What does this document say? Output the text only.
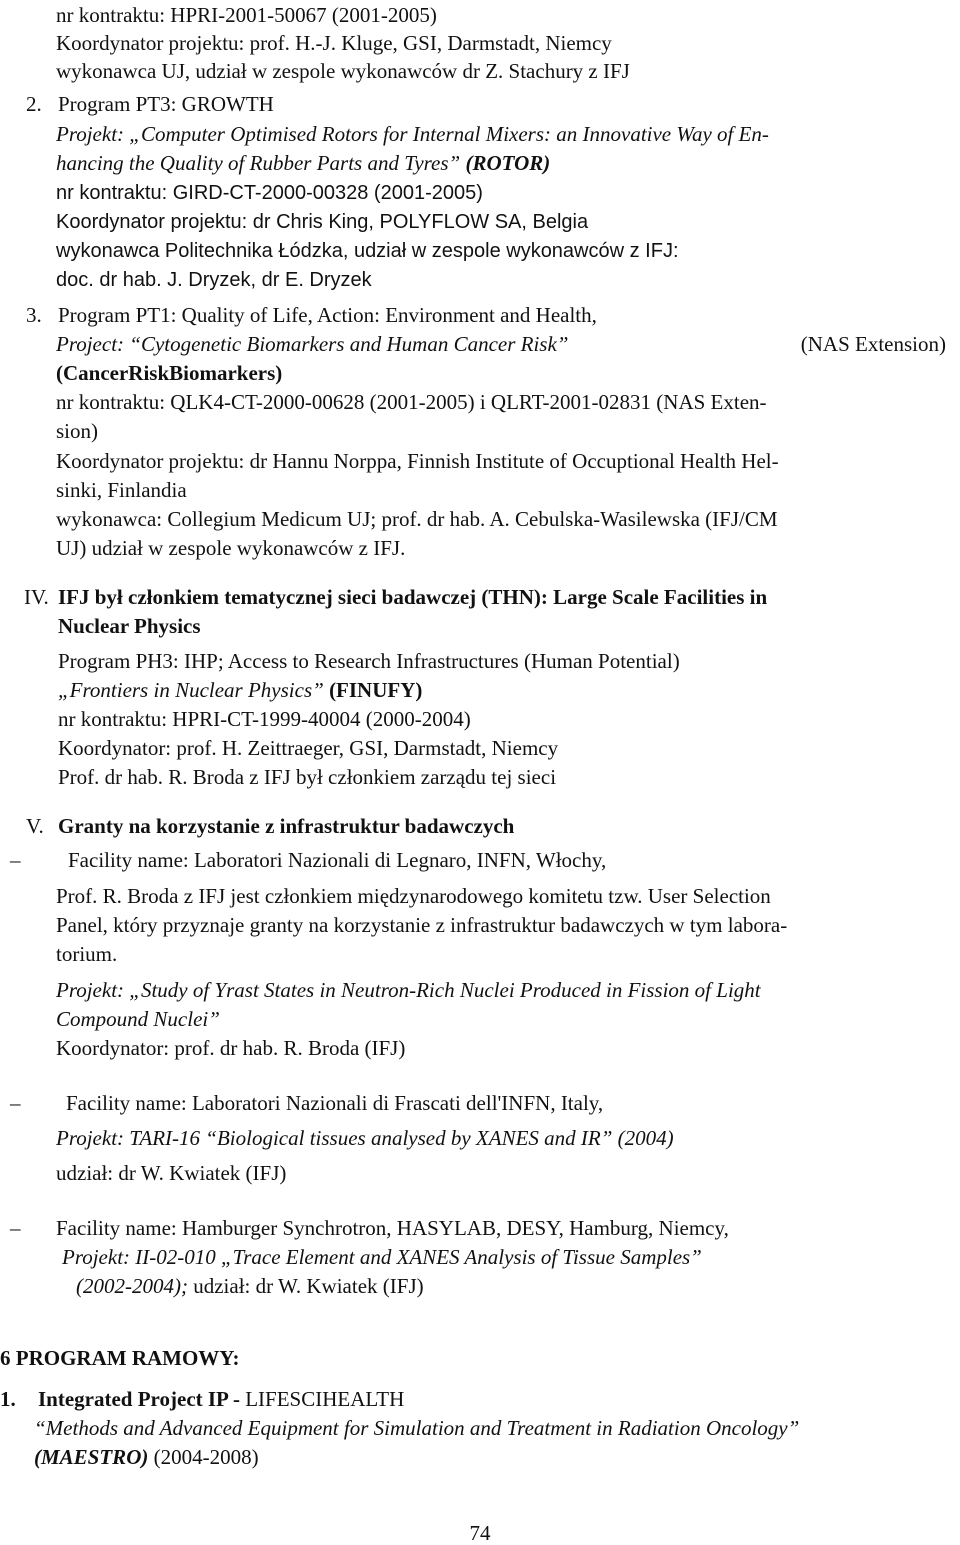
nr kontraktu: HPRI-2001-50067 (2001-2005)
Koordynator projektu: prof. H.-J. Kluge, GSI, Darmstadt, Niemcy
wykonawca UJ, udział w zespole wykonawców dr Z. Stachury z IFJ
2. Program PT3: GROWTH
Projekt: „Computer Optimised Rotors for Internal Mixers: an Innovative Way of En-
hancing the Quality of Rubber Parts and Tyres” (ROTOR)
nr kontraktu: GIRD-CT-2000-00328 (2001-2005)
Koordynator projektu: dr Chris King, POLYFLOW SA, Belgia
wykonawca Politechnika Łódzka, udział w zespole wykonawców z IFJ:
doc. dr hab. J. Dryzek, dr E. Dryzek
3. Program PT1: Quality of Life, Action: Environment and Health,
Project: “Cytogenetic Biomarkers and Human Cancer Risk”	(NAS Extension)
(CancerRiskBiomarkers)
nr kontraktu: QLK4-CT-2000-00628 (2001-2005) i QLRT-2001-02831 (NAS Exten-
sion)
Koordynator projektu: dr Hannu Norppa, Finnish Institute of Occuptional Health Hel-
sinki, Finlandia
wykonawca: Collegium Medicum UJ; prof. dr hab. A. Cebulska-Wasilewska (IFJ/CM
UJ) udział w zespole wykonawców z IFJ.
IV. IFJ był członkiem tematycznej sieci badawczej (THN): Large Scale Facilities in
Nuclear Physics
Program PH3: IHP; Access to Research Infrastructures (Human Potential)
„Frontiers in Nuclear Physics” (FINUFY)
nr kontraktu: HPRI-CT-1999-40004 (2000-2004)
Koordynator: prof. H. Zeittraeger, GSI, Darmstadt, Niemcy
Prof. dr hab. R. Broda z IFJ był członkiem zarządu tej sieci
V. Granty na korzystanie z infrastruktur badawczych
– Facility name: Laboratori Nazionali di Legnaro, INFN, Włochy,
Prof. R. Broda z IFJ jest członkiem międzynarodowego komitetu tzw. User Selection
Panel, który przyznaje granty na korzystanie z infrastruktur badawczych w tym labora-
torium.
Projekt: „Study of Yrast States in Neutron-Rich Nuclei Produced in Fission of Light
Compound Nuclei”
Koordynator: prof. dr hab. R. Broda (IFJ)
– Facility name: Laboratori Nazionali di Frascati dell'INFN, Italy,
Projekt: TARI-16 “Biological tissues analysed by XANES and IR” (2004)
udział: dr W. Kwiatek (IFJ)
– Facility name: Hamburger Synchrotron, HASYLAB, DESY, Hamburg, Niemcy,
Projekt: II-02-010 „Trace Element and XANES Analysis of Tissue Samples”
(2002-2004); udział: dr W. Kwiatek (IFJ)
6 PROGRAM RAMOWY:
1. Integrated Project IP - LIFESCIHEALTH
“Methods and Advanced Equipment for Simulation and Treatment in Radiation Oncology”
(MAESTRO) (2004-2008)
74
